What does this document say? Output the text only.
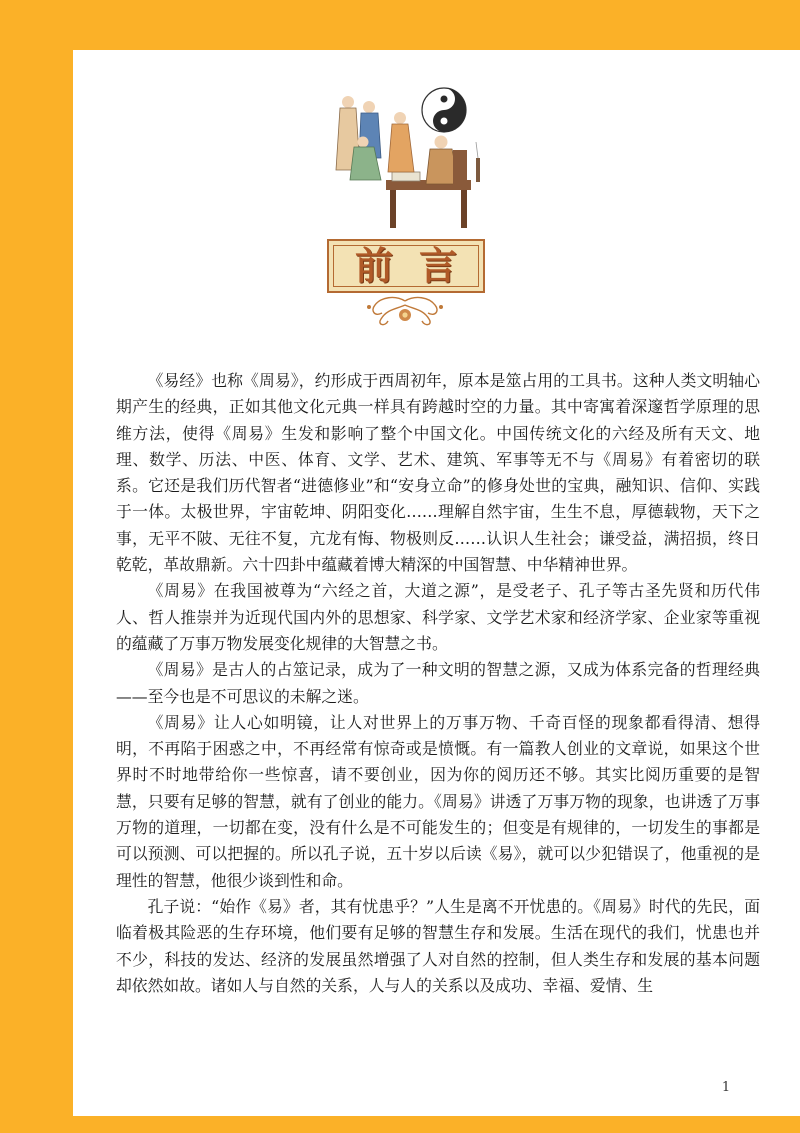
前言

《易经》也称《周易》，约形成于西周初年，原本是筮占用的工具书。这种人类文明轴心期产生的经典，正如其他文化元典一样具有跨越时空的力量。其中寄寓着深邃哲学原理的思维方法，使得《周易》生发和影响了整个中国文化。中国传统文化的六经及所有天文、地理、数学、历法、中医、体育、文学、艺术、建筑、军事等无不与《周易》有着密切的联系。它还是我们历代智者“进德修业”和“安身立命”的修身处世的宝典，融知识、信仰、实践于一体。太极世界，宇宙乾坤、阴阳变化……理解自然宇宙，生生不息，厚德载物，天下之事，无平不陂、无往不复，亢龙有悔、物极则反……认识人生社会；谦受益，满招损，终日乾乾，革故鼎新。六十四卦中蕴藏着博大精深的中国智慧、中华精神世界。

《周易》在我国被尊为“六经之首，大道之源”，是受老子、孔子等古圣先贤和历代伟人、哲人推崇并为近现代国内外的思想家、科学家、文学艺术家和经济学家、企业家等重视的蕴藏了万事万物发展变化规律的大智慧之书。

《周易》是古人的占筮记录，成为了一种文明的智慧之源，又成为体系完备的哲理经典——至今也是不可思议的未解之迷。

《周易》让人心如明镜，让人对世界上的万事万物、千奇百怪的现象都看得清、想得明，不再陷于困惑之中，不再经常有惊奇或是愤慨。有一篇教人创业的文章说，如果这个世界时不时地带给你一些惊喜，请不要创业，因为你的阅历还不够。其实比阅历重要的是智慧，只要有足够的智慧，就有了创业的能力。《周易》讲透了万事万物的现象，也讲透了万事万物的道理，一切都在变，没有什么是不可能发生的；但变是有规律的，一切发生的事都是可以预测、可以把握的。所以孔子说，五十岁以后读《易》，就可以少犯错误了，他重视的是理性的智慧，他很少谈到性和命。

孔子说：“始作《易》者，其有忧患乎？”人生是离不开忧患的。《周易》时代的先民，面临着极其险恶的生存环境，他们要有足够的智慧生存和发展。生活在现代的我们，忧患也并不少，科技的发达、经济的发展虽然增强了人对自然的控制，但人类生存和发展的基本问题却依然如故。诸如人与自然的关系，人与人的关系以及成功、幸福、爱情、生

1
